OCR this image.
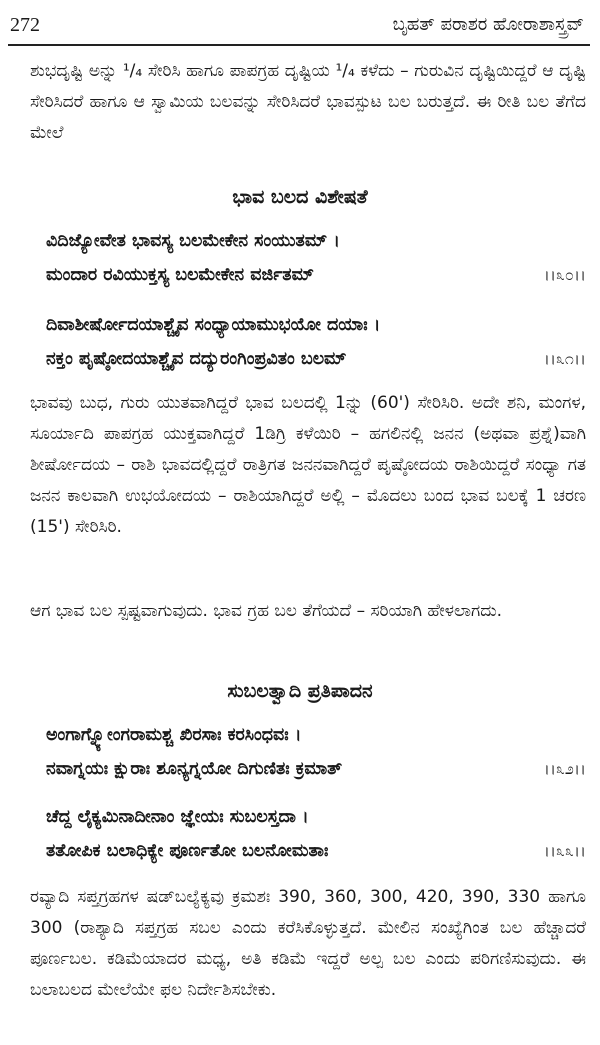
272	ಬೃಹತ್ ಪರಾಶರ ಹೋರಾಶಾಸ್ತ್ರವ್

ಶುಭದೃಷ್ಟಿ ಅನ್ನು ¹/₄ ಸೇರಿಸಿ ಹಾಗೂ ಪಾಪಗ್ರಹ ದೃಷ್ಟಿಯ ¹/₄ ಕಳೆದು – ಗುರುವಿನ ದೃಷ್ಟಿಯಿದ್ದರೆ ಆ ದೃಷ್ಟಿ ಸೇರಿಸಿದರೆ ಹಾಗೂ ಆ ಸ್ವಾಮಿಯ ಬಲವನ್ನು ಸೇರಿಸಿದರೆ ಭಾವಸ್ಪುಟ ಬಲ ಬರುತ್ತದೆ. ಈ ರೀತಿ ಬಲ ತೆಗೆದ ಮೇಲೆ

ಭಾವ ಬಲದ ವಿಶೇಷತೆ
ವಿದಿಜ್ಯೋವೇತ ಭಾವಸ್ಯ ಬಲಮೇಕೇನ ಸಂಯುತಮ್ ।
ಮಂದಾರ ರವಿಯುಕ್ತಸ್ಯ ಬಲಮೇಕೇನ ವರ್ಜಿತಮ್	।।೩೦।।
ದಿವಾಶೀರ್ಷೋದಯಾಶ್ಚೈವ ಸಂಧ್ಯಾಯಾಮುಭಯೋ ದಯಾಃ ।
ನಕ್ತಂ ಪೃಷ್ಠೋದಯಾಶ್ಚೈವ ದದ್ಯುರಂಗಿಂಪ್ರವಿತಂ ಬಲಮ್	।।೩೧।।

ಭಾವವು ಬುಧ, ಗುರು ಯುತವಾಗಿದ್ದರೆ ಭಾವ ಬಲದಲ್ಲಿ 1ನ್ನು (60') ಸೇರಿಸಿರಿ. ಅದೇ ಶನಿ, ಮಂಗಳ, ಸೂರ್ಯಾದಿ ಪಾಪಗ್ರಹ ಯುಕ್ತವಾಗಿದ್ದರೆ 1ಡಿಗ್ರಿ ಕಳೆಯಿರಿ – ಹಗಲಿನಲ್ಲಿ ಜನನ (ಅಥವಾ ಪ್ರಶ್ನೆ)ವಾಗಿ ಶೀರ್ಷೋದಯ – ರಾಶಿ ಭಾವದಲ್ಲಿದ್ದರೆ ರಾತ್ರಿಗತ ಜನನವಾಗಿದ್ದರೆ ಪೃಷ್ಠೋದಯ ರಾಶಿಯಿದ್ದರೆ ಸಂಧ್ಯಾ ಗತ ಜನನ ಕಾಲವಾಗಿ ಉಭಯೋದಯ – ರಾಶಿಯಾಗಿದ್ದರೆ ಅಲ್ಲಿ – ಮೊದಲು ಬಂದ ಭಾವ ಬಲಕ್ಕೆ 1 ಚರಣ (15') ಸೇರಿಸಿರಿ.

ಆಗ ಭಾವ ಬಲ ಸ್ಪಷ್ಟವಾಗುವುದು. ಭಾವ ಗ್ರಹ ಬಲ ತೆಗೆಯದೆ – ಸರಿಯಾಗಿ ಹೇಳಲಾಗದು.

ಸುಬಲತ್ವಾದಿ ಪ್ರತಿಪಾದನ
ಅಂಗಾಗ್ನ್ಯೋಂಗರಾಮಶ್ಚ ಖಿರಸಾಃ ಕರಸಿಂಧವಃ ।
ನವಾಗ್ನಯಃ ಕ್ಷುರಾಃ ಶೂನ್ಯಗ್ನಯೋ ದಿಗುಣಿತಃ ಕ್ರಮಾತ್	।।೩೨।।
ಚೆದ್ದ ಲೈಕ್ಯಮಿನಾದೀನಾಂ ಜ್ಞೇಯಃ ಸುಬಲಸ್ತದಾ ।
ತತೋಪಿಕ ಬಲಾಧಿಕ್ಯೇ ಪೂರ್ಣತೋ ಬಲನೋಮತಾಃ	।।೩೩।।

ರವ್ಯಾದಿ ಸಪ್ತಗ್ರಹಗಳ ಷಡ್‌ಬಲ್ಯೆಕ್ಯವು ಕ್ರಮಶಃ 390, 360, 300, 420, 390, 330 ಹಾಗೂ 300 (ರಾಶ್ಯಾದಿ ಸಪ್ತಗ್ರಹ ಸಬಲ ಎಂದು ಕರೆಸಿಕೊಳ್ಳುತ್ತದೆ. ಮೇಲಿನ ಸಂಖ್ಯೆಗಿಂತ ಬಲ ಹೆಚ್ಚಾದರೆ ಪೂರ್ಣಬಲ. ಕಡಿಮೆಯಾದರ ಮಧ್ಯ, ಅತಿ ಕಡಿಮೆ ಇದ್ದರೆ ಅಲ್ಪ ಬಲ ಎಂದು ಪರಿಗಣಿಸುವುದು. ಈ ಬಲಾಬಲದ ಮೇಲೆಯೇ ಫಲ ನಿರ್ದೇಶಿಸಬೇಕು.
